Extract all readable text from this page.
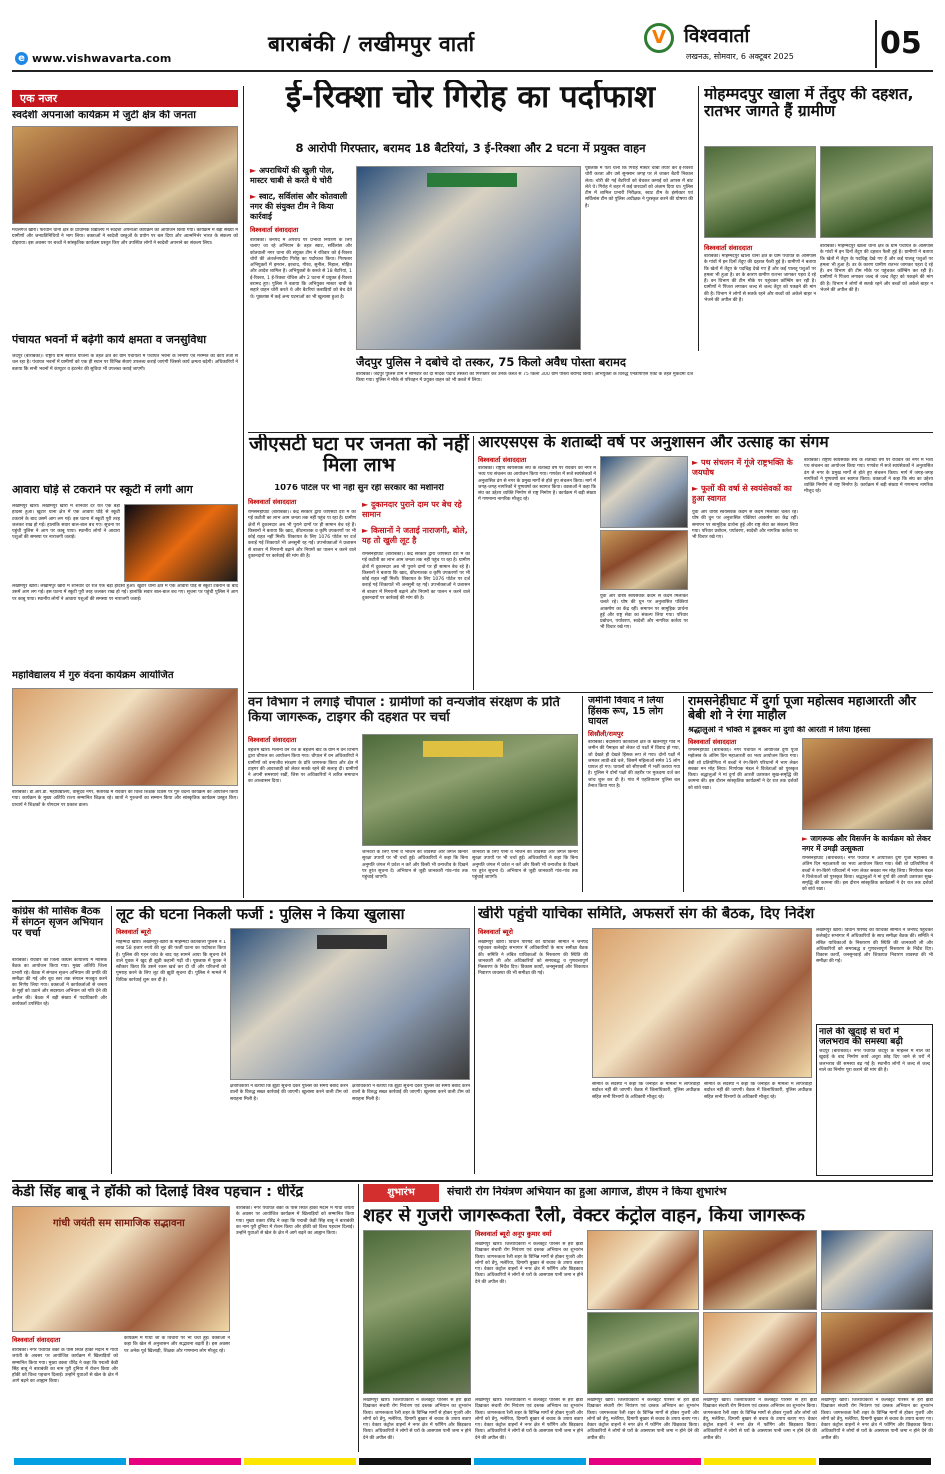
बाराबंकी / लखीमपुर वार्ता
e www.vishwavarta.com
V विश्ववार्ता
लखनऊ, सोमवार, 6 अक्टूबर 2025	05
एक नजर
स्वदेशी अपनाओ कार्यक्रम में जुटी क्षेत्र की जनता
मैथलगंज खीरी। फरधान थाना क्षेत्र के प्राथमिक विद्यालय में स्वदेशी अपनाओ कार्यक्रम का आयोजन किया गया। कार्यक्रम में बड़ी संख्या में ग्रामीणों और जनप्रतिनिधियों ने भाग लिया। वक्ताओं ने स्वदेशी वस्तुओं के प्रयोग पर बल दिया और आत्मनिर्भर भारत के संकल्प को दोहराया। इस अवसर पर बच्चों ने सांस्कृतिक कार्यक्रम प्रस्तुत किए और उपस्थित लोगों ने स्वदेशी अपनाने का संकल्प लिया।
पंचायत भवनों में बढ़ेगी कार्य क्षमता व जनसुविधा
जैदपुर (बाराबंकी)। राष्ट्रीय ग्राम स्वराज योजना के तहत क्षेत्र की ग्राम पंचायतों में पंचायत भवनों के निर्माण एवं मरम्मत का कार्य तेजी से चल रहा है। पंचायत भवनों में ग्रामीणों को एक ही स्थान पर विभिन्न सेवाएं उपलब्ध कराई जाएंगी जिससे कार्य क्षमता बढ़ेगी। अधिकारियों ने बताया कि सभी भवनों में कंप्यूटर व इंटरनेट की सुविधा भी उपलब्ध कराई जाएगी।
आवारा घोड़े से टकराने पर स्कूटी में लगी आग
लखीमपुर खीरी। लखीमपुर खीरी में शनिवार देर रात एक बड़ा हादसा हुआ। खुटार थाना क्षेत्र में एक आवारा घोड़े से स्कूटी टकराने के बाद उसमें आग लग गई। इस घटना में स्कूटी पूरी तरह जलकर राख हो गई। हालांकि सवार बाल-बाल बच गए। सूचना पर पहुंची पुलिस ने आग पर काबू पाया। स्थानीय लोगों ने आवारा पशुओं की समस्या पर नाराजगी जताई।
लखीमपुर खीरी। लखीमपुर खीरी में शनिवार देर रात एक बड़ा हादसा हुआ। खुटार थाना क्षेत्र में एक आवारा घोड़े से स्कूटी टकराने के बाद उसमें आग लग गई। इस घटना में स्कूटी पूरी तरह जलकर राख हो गई। हालांकि सवार बाल-बाल बच गए। सूचना पर पहुंची पुलिस ने आग पर काबू पाया। स्थानीय लोगों ने आवारा पशुओं की समस्या पर नाराजगी जताई।
महाविद्यालय में गुरु वंदना कार्यक्रम आयोजित
बाराबंकी। डी.आर.डी. महाविद्यालय, वासुदेव नगर, सतरिख में रविवार को विश्व शिक्षक दिवस पर गुरु वंदना कार्यक्रम का आयोजन किया गया। कार्यक्रम के मुख्य अतिथि राज्य सम्मानित शिक्षक रहे। छात्रों ने गुरुजनों का सम्मान किया और सांस्कृतिक कार्यक्रम प्रस्तुत किए। प्राचार्य ने शिक्षकों के योगदान पर प्रकाश डाला।
ई-रिक्शा चोर गिरोह का पर्दाफाश
8 आरोपी गिरफ्तार, बरामद 18 बैटरियां, 3 ई-रिक्शा और 2 घटना में प्रयुक्त वाहन
► अपराधियों की खुली पोल, मास्टर चाबी से करते थे चोरी
► स्वाट, सर्विलांस और कोतवाली नगर की संयुक्त टीम ने किया कार्रवाई
विश्ववार्ता संवाददाता
बाराबंकी। जनपद में अपराध पर प्रभावी नियंत्रण के लिए चलाए जा रहे अभियान के तहत स्वाट, सर्विलांस और कोतवाली नगर थाना की संयुक्त टीम ने रविवार को ई-रिक्शा चोरों की अंतर्जनपदीय गिरोह का पर्दाफाश किया। गिरफ्तार अभियुक्तों में इमरान, इरशाद, गौरव, सुनील, निहाल, मोहित और आदेश शामिल हैं। अभियुक्तों के कब्जे से 18 बैटरियां, 1 ई-रिक्शा, 1 ई-रिक्शा चेचिस और 2 घटना में प्रयुक्त ई-रिक्शा बरामद हुए। पुलिस ने बताया कि अभियुक्त मास्टर चाबी के सहारे वाहन चोरी करते थे और बैटरियां कबाड़ियों को बेच देते थे। पूछताछ में कई अन्य घटनाओं का भी खुलासा हुआ है।
पूछताछ में पता चला कि गिरोह मास्टर चाबी तैयार कर ई-रिक्शा चोरी करता और उसे सुनसान जगह पर ले जाकर बैटरी निकाल लेता। चोरी की गई बैटरियों को बेचकर कमाई को आपस में बांट लेते थे। गिरोह ने शहर में कई वारदातों को अंजाम दिया था। पुलिस टीम में शामिल प्रभारी निरीक्षक, स्वाट टीम के इंस्पेक्टर एवं सर्विलांस टीम को पुलिस अधीक्षक ने पुरस्कृत करने की घोषणा की है।
जैदपुर पुलिस ने दबोचे दो तस्कर, 75 किलो अवैध पोस्ता बरामद
बाराबंकी। जैदपुर पुलिस टीम ने सोमवार को दो मादक पदार्थ तस्करों को गिरफ्तार कर उनके कब्जे से 75 किलो 300 ग्राम पोस्ता बरामद किया। अभियुक्तों के विरुद्ध एनडीपीएस एक्ट के तहत मुकदमा दर्ज किया गया। पुलिस ने मौके से परिवहन में प्रयुक्त वाहन को भी कब्जे में लिया।
मोहम्मदपुर खाला में तेंदुए की दहशत, रातभर जागते हैं ग्रामीण
विश्ववार्ता संवाददाता
बाराबंकी। मोहम्मदपुर खाला थाना क्षेत्र के ग्राम पंचायत के आसपास के गांवों में इन दिनों तेंदुए की दहशत फैली हुई है। ग्रामीणों ने बताया कि खेतों में तेंदुए के पदचिह्न देखे गए हैं और कई पालतू पशुओं पर हमला भी हुआ है। डर के कारण ग्रामीण रातभर जागकर पहरा दे रहे हैं। वन विभाग की टीम मौके पर पहुंचकर कॉम्बिंग कर रही है। ग्रामीणों ने पिंजरा लगाकर जल्द से जल्द तेंदुए को पकड़ने की मांग की है। विभाग ने लोगों से सतर्क रहने और बच्चों को अकेले बाहर न भेजने की अपील की है।
बाराबंकी। मोहम्मदपुर खाला थाना क्षेत्र के ग्राम पंचायत के आसपास के गांवों में इन दिनों तेंदुए की दहशत फैली हुई है। ग्रामीणों ने बताया कि खेतों में तेंदुए के पदचिह्न देखे गए हैं और कई पालतू पशुओं पर हमला भी हुआ है। डर के कारण ग्रामीण रातभर जागकर पहरा दे रहे हैं। वन विभाग की टीम मौके पर पहुंचकर कॉम्बिंग कर रही है। ग्रामीणों ने पिंजरा लगाकर जल्द से जल्द तेंदुए को पकड़ने की मांग की है। विभाग ने लोगों से सतर्क रहने और बच्चों को अकेले बाहर न भेजने की अपील की है।
जीएसटी घटा पर जनता को नहीं मिला लाभ
1076 पोर्टल पर भी नहीं सुन रही सरकार की मशीनरी
विश्ववार्ता संवाददाता
रामसनेहीघाट (बाराबंकी)। केंद्र सरकार द्वारा जीएसटी दरों में की गई कटौती का लाभ आम जनता तक नहीं पहुंच पा रहा है। ग्रामीण क्षेत्रों में दुकानदार अब भी पुराने दामों पर ही सामान बेच रहे हैं। किसानों ने बताया कि खाद, कीटनाशक व कृषि उपकरणों पर भी कोई राहत नहीं मिली। शिकायत के लिए 1076 पोर्टल पर दर्ज कराई गई शिकायतें भी अनसुनी रह गईं। उपभोक्ताओं ने प्रशासन से बाजार में निगरानी बढ़ाने और नियमों का पालन न करने वाले दुकानदारों पर कार्रवाई की मांग की है।
► दुकानदार पुराने दाम पर बेच रहे सामान
► किसानों ने जताई नाराजगी, बोले, यह तो खुली लूट है
रामसनेहीघाट (बाराबंकी)। केंद्र सरकार द्वारा जीएसटी दरों में की गई कटौती का लाभ आम जनता तक नहीं पहुंच पा रहा है। ग्रामीण क्षेत्रों में दुकानदार अब भी पुराने दामों पर ही सामान बेच रहे हैं। किसानों ने बताया कि खाद, कीटनाशक व कृषि उपकरणों पर भी कोई राहत नहीं मिली। शिकायत के लिए 1076 पोर्टल पर दर्ज कराई गई शिकायतें भी अनसुनी रह गईं। उपभोक्ताओं ने प्रशासन से बाजार में निगरानी बढ़ाने और नियमों का पालन न करने वाले दुकानदारों पर कार्रवाई की मांग की है।
आरएसएस के शताब्दी वर्ष पर अनुशासन और उत्साह का संगम
विश्ववार्ता संवाददाता
बाराबंकी। राष्ट्रीय स्वयंसेवक संघ के शताब्दी वर्ष पर रविवार को नगर में भव्य पथ संचलन का आयोजन किया गया। गणवेश में सजे स्वयंसेवकों ने अनुशासित ढंग से नगर के प्रमुख मार्गों से होते हुए संचलन किया। मार्ग में जगह-जगह नागरिकों ने पुष्पवर्षा कर स्वागत किया। वक्ताओं ने कहा कि संघ का उद्देश्य व्यक्ति निर्माण से राष्ट्र निर्माण है। कार्यक्रम में बड़ी संख्या में गणमान्य नागरिक मौजूद रहे।
► पथ संचलन में गूंजे राष्ट्रभक्ति के जयघोष
► फूलों की वर्षा से स्वयंसेवकों का हुआ स्वागत
युवा और वरिष्ठ स्वयंसेवक कदम से कदम मिलाकर चलते रहे। घोष की धुन पर अनुशासित पंक्तियां आकर्षण का केंद्र रहीं। समापन पर सामूहिक प्रार्थना हुई और राष्ट्र सेवा का संकल्प लिया गया। परिवार प्रबोधन, पर्यावरण, स्वदेशी और नागरिक कर्तव्य पर भी विचार रखे गए।
युवा और वरिष्ठ स्वयंसेवक कदम से कदम मिलाकर चलते रहे। घोष की धुन पर अनुशासित पंक्तियां आकर्षण का केंद्र रहीं। समापन पर सामूहिक प्रार्थना हुई और राष्ट्र सेवा का संकल्प लिया गया। परिवार प्रबोधन, पर्यावरण, स्वदेशी और नागरिक कर्तव्य पर भी विचार रखे गए।
बाराबंकी। राष्ट्रीय स्वयंसेवक संघ के शताब्दी वर्ष पर रविवार को नगर में भव्य पथ संचलन का आयोजन किया गया। गणवेश में सजे स्वयंसेवकों ने अनुशासित ढंग से नगर के प्रमुख मार्गों से होते हुए संचलन किया। मार्ग में जगह-जगह नागरिकों ने पुष्पवर्षा कर स्वागत किया। वक्ताओं ने कहा कि संघ का उद्देश्य व्यक्ति निर्माण से राष्ट्र निर्माण है। कार्यक्रम में बड़ी संख्या में गणमान्य नागरिक मौजूद रहे।
वन विभाग ने लगाई चौपाल : ग्रामीणों को वन्यजीव संरक्षण के प्रति किया जागरूक, टाइगर की दहशत पर चर्चा
विश्ववार्ता संवाददाता
बेहजम खीरी। मैलानी वन रेंज के बेहजम बीट के ग्राम में वन विभाग द्वारा चौपाल का आयोजन किया गया। चौपाल में वन अधिकारियों ने ग्रामीणों को वन्यजीव संरक्षण के प्रति जागरूक किया और क्षेत्र में टाइगर की आवाजाही को लेकर सतर्क रहने की सलाह दी। ग्रामीणों ने अपनी समस्याएं रखीं, जिस पर अधिकारियों ने त्वरित समाधान का आश्वासन दिया।
जानवरों के लिए पानी व भोजन की व्यवस्था और जंगल किनारे सुरक्षा उपायों पर भी चर्चा हुई। अधिकारियों ने कहा कि बिना अनुमति जंगल में प्रवेश न करें और किसी भी वन्यजीव के दिखने पर तुरंत सूचना दें। अभियान से जुड़ी जानकारी गांव-गांव तक पहुंचाई जाएगी।
जानवरों के लिए पानी व भोजन की व्यवस्था और जंगल किनारे सुरक्षा उपायों पर भी चर्चा हुई। अधिकारियों ने कहा कि बिना अनुमति जंगल में प्रवेश न करें और किसी भी वन्यजीव के दिखने पर तुरंत सूचना दें। अभियान से जुड़ी जानकारी गांव-गांव तक पहुंचाई जाएगी।
जमीनी विवाद ने लिया हिंसक रूप, 15 लोग घायल
सिसौली/रामपुर
बाराबंकी। बदोसराय कोतवाली क्षेत्र के खतनापुर गांव में जमीन की पैमाइश को लेकर दो पक्षों में विवाद हो गया, जो देखते ही देखते हिंसक रूप ले गया। दोनों पक्षों में जमकर लाठी-डंडे चले, जिसमें महिलाओं समेत 15 लोग घायल हो गए। घायलों को सीएचसी में भर्ती कराया गया है। पुलिस ने दोनों पक्षों की तहरीर पर मुकदमा दर्ज कर जांच शुरू कर दी है। गांव में एहतियातन पुलिस बल तैनात किया गया है।
रामसनेहीघाट में दुर्गा पूजा महोत्सव महाआरती और बेबी शो ने रंगा माहौल
श्रद्धालुओं ने भक्ति में डूबकर मां दुर्गा की आरती में लिया हिस्सा
विश्ववार्ता संवाददाता
रामसनेहीघाट (बाराबंकी)। नगर पंचायत में आयोजित दुर्गा पूजा महोत्सव के अंतिम दिन महाआरती का भव्य आयोजन किया गया। बेबी शो प्रतियोगिता में बच्चों ने रंग-बिरंगे परिधानों में भाग लेकर सबका मन मोह लिया। निर्णायक मंडल ने विजेताओं को पुरस्कृत किया। श्रद्धालुओं ने मां दुर्गा की आरती उतारकर सुख-समृद्धि की कामना की। इस दौरान सांस्कृतिक कार्यक्रमों ने देर रात तक दर्शकों को बांधे रखा।
► जागरूक और विसर्जन के कार्यक्रम को लेकर नगर में उमड़ी उत्सुकता
रामसनेहीघाट (बाराबंकी)। नगर पंचायत में आयोजित दुर्गा पूजा महोत्सव के अंतिम दिन महाआरती का भव्य आयोजन किया गया। बेबी शो प्रतियोगिता में बच्चों ने रंग-बिरंगे परिधानों में भाग लेकर सबका मन मोह लिया। निर्णायक मंडल ने विजेताओं को पुरस्कृत किया। श्रद्धालुओं ने मां दुर्गा की आरती उतारकर सुख-समृद्धि की कामना की। इस दौरान सांस्कृतिक कार्यक्रमों ने देर रात तक दर्शकों को बांधे रखा।
कांग्रेस की मासिक बैठक में संगठन सृजन अभियान पर चर्चा
बाराबंकी। रविवार को जिला कांग्रेस कार्यालय में मासिक बैठक का आयोजन किया गया। मुख्य अतिथि जिला प्रभारी रहे। बैठक में संगठन सृजन अभियान की प्रगति की समीक्षा की गई और बूथ स्तर तक संगठन मजबूत करने का निर्णय लिया गया। वक्ताओं ने कार्यकर्ताओं से जनता के मुद्दों को उठाने और सदस्यता अभियान को गति देने की अपील की। बैठक में बड़ी संख्या में पदाधिकारी और कार्यकर्ता उपस्थित रहे।
लूट की घटना निकली फर्जी : पुलिस ने किया खुलासा
विश्ववार्ता ब्यूरो
मोहम्मदी खीरी। लखीमपुर-खीरी के मोहम्मदी कोतवाली पुलिस ने 1 लाख 58 हजार रुपये की लूट की फर्जी घटना का पर्दाफाश किया है। पुलिस की गहन जांच के बाद यह सामने आया कि सूचना देने वाले युवक ने खुद ही झूठी कहानी गढ़ी थी। पूछताछ में युवक ने स्वीकार किया कि उसने रकम खर्च कर दी थी और परिजनों को गुमराह करने के लिए लूट की झूठी सूचना दी। पुलिस ने मामले में विधिक कार्रवाई शुरू कर दी है।
क्षेत्राधिकारी ने बताया कि झूठी सूचना देकर पुलिस का समय बर्बाद करने वालों के विरुद्ध सख्त कार्रवाई की जाएगी। खुलासा करने वाली टीम को सराहना मिली है।
क्षेत्राधिकारी ने बताया कि झूठी सूचना देकर पुलिस का समय बर्बाद करने वालों के विरुद्ध सख्त कार्रवाई की जाएगी। खुलासा करने वाली टीम को सराहना मिली है।
खीरी पहुंची याचिका समिति, अफसरों संग की बैठक, दिए निर्देश
विश्ववार्ता ब्यूरो
लखीमपुर खीरी। विधान परिषद की याचिका समिति ने जनपद पहुंचकर कलेक्ट्रेट सभागार में अधिकारियों के साथ समीक्षा बैठक की। समिति ने लंबित याचिकाओं के निस्तारण की स्थिति की जानकारी ली और अधिकारियों को समयबद्ध व गुणवत्तापूर्ण निस्तारण के निर्देश दिए। विकास कार्यों, जनसुनवाई और शिकायत निवारण व्यवस्था की भी समीक्षा की गई।
समिति के सदस्यों ने कहा कि जनहित के मामलों में लापरवाही बर्दाश्त नहीं की जाएगी। बैठक में जिलाधिकारी, पुलिस अधीक्षक सहित सभी विभागों के अधिकारी मौजूद रहे।
समिति के सदस्यों ने कहा कि जनहित के मामलों में लापरवाही बर्दाश्त नहीं की जाएगी। बैठक में जिलाधिकारी, पुलिस अधीक्षक सहित सभी विभागों के अधिकारी मौजूद रहे।
लखीमपुर खीरी। विधान परिषद की याचिका समिति ने जनपद पहुंचकर कलेक्ट्रेट सभागार में अधिकारियों के साथ समीक्षा बैठक की। समिति ने लंबित याचिकाओं के निस्तारण की स्थिति की जानकारी ली और अधिकारियों को समयबद्ध व गुणवत्तापूर्ण निस्तारण के निर्देश दिए। विकास कार्यों, जनसुनवाई और शिकायत निवारण व्यवस्था की भी समीक्षा की गई।
नाले की खुदाई से घरों में जलभराव की समस्या बढ़ी
जैदपुर (बाराबंकी)। नगर पंचायत जैदपुर के मोहल्ले में नाले की खुदाई के बाद निर्माण कार्य अधूरा छोड़ दिए जाने से घरों में जलभराव की समस्या बढ़ गई है। स्थानीय लोगों ने जल्द से जल्द नाले का निर्माण पूरा कराने की मांग की है।
केडी सिंह बाबू ने हॉकी को दिलाई विश्व पहचान : धीरेंद्र
गांधी जयंती सम सामाजिक सद्भावना
विश्ववार्ता संवाददाता
बाराबंकी। नगर पंचायत बंकी के पास स्थित हॉकी मैदान में गांधी जयंती के अवसर पर आयोजित कार्यक्रम में खिलाड़ियों को सम्मानित किया गया। मुख्य वक्ता धीरेंद्र ने कहा कि पद्मश्री केडी सिंह बाबू ने बाराबंकी का नाम पूरी दुनिया में रोशन किया और हॉकी को विश्व पहचान दिलाई। उन्होंने युवाओं से खेल के क्षेत्र में आगे बढ़ने का आह्वान किया।
कार्यक्रम में गांधी जी के विचारों पर भी चर्चा हुई। वक्ताओं ने कहा कि खेल से अनुशासन और सद्भावना बढ़ती है। इस अवसर पर अनेक पूर्व खिलाड़ी, शिक्षक और गणमान्य लोग मौजूद रहे।
बाराबंकी। नगर पंचायत बंकी के पास स्थित हॉकी मैदान में गांधी जयंती के अवसर पर आयोजित कार्यक्रम में खिलाड़ियों को सम्मानित किया गया। मुख्य वक्ता धीरेंद्र ने कहा कि पद्मश्री केडी सिंह बाबू ने बाराबंकी का नाम पूरी दुनिया में रोशन किया और हॉकी को विश्व पहचान दिलाई। उन्होंने युवाओं से खेल के क्षेत्र में आगे बढ़ने का आह्वान किया।
शुभारंभ	संचारी रोग नियंत्रण अभियान का हुआ आगाज, डीएम ने किया शुभारंभ
शहर से गुजरी जागरूकता रैली, वेक्टर कंट्रोल वाहन, किया जागरूक
विश्ववार्ता ब्यूरो अनूप कुमार वर्मा
लखीमपुर खीरी। जिलाधिकारी ने कलेक्ट्रेट परिसर से हरी झंडी दिखाकर संचारी रोग नियंत्रण एवं दस्तक अभियान का शुभारंभ किया। जागरूकता रैली शहर के विभिन्न मार्गों से होकर गुजरी और लोगों को डेंगू, मलेरिया, दिमागी बुखार से बचाव के उपाय बताए गए। वेक्टर कंट्रोल वाहनों ने नगर क्षेत्र में फॉगिंग और छिड़काव किया। अधिकारियों ने लोगों से घरों के आसपास पानी जमा न होने देने की अपील की।
लखीमपुर खीरी। जिलाधिकारी ने कलेक्ट्रेट परिसर से हरी झंडी दिखाकर संचारी रोग नियंत्रण एवं दस्तक अभियान का शुभारंभ किया। जागरूकता रैली शहर के विभिन्न मार्गों से होकर गुजरी और लोगों को डेंगू, मलेरिया, दिमागी बुखार से बचाव के उपाय बताए गए। वेक्टर कंट्रोल वाहनों ने नगर क्षेत्र में फॉगिंग और छिड़काव किया। अधिकारियों ने लोगों से घरों के आसपास पानी जमा न होने देने की अपील की।
लखीमपुर खीरी। जिलाधिकारी ने कलेक्ट्रेट परिसर से हरी झंडी दिखाकर संचारी रोग नियंत्रण एवं दस्तक अभियान का शुभारंभ किया। जागरूकता रैली शहर के विभिन्न मार्गों से होकर गुजरी और लोगों को डेंगू, मलेरिया, दिमागी बुखार से बचाव के उपाय बताए गए। वेक्टर कंट्रोल वाहनों ने नगर क्षेत्र में फॉगिंग और छिड़काव किया। अधिकारियों ने लोगों से घरों के आसपास पानी जमा न होने देने की अपील की।
लखीमपुर खीरी। जिलाधिकारी ने कलेक्ट्रेट परिसर से हरी झंडी दिखाकर संचारी रोग नियंत्रण एवं दस्तक अभियान का शुभारंभ किया। जागरूकता रैली शहर के विभिन्न मार्गों से होकर गुजरी और लोगों को डेंगू, मलेरिया, दिमागी बुखार से बचाव के उपाय बताए गए। वेक्टर कंट्रोल वाहनों ने नगर क्षेत्र में फॉगिंग और छिड़काव किया। अधिकारियों ने लोगों से घरों के आसपास पानी जमा न होने देने की अपील की।
लखीमपुर खीरी। जिलाधिकारी ने कलेक्ट्रेट परिसर से हरी झंडी दिखाकर संचारी रोग नियंत्रण एवं दस्तक अभियान का शुभारंभ किया। जागरूकता रैली शहर के विभिन्न मार्गों से होकर गुजरी और लोगों को डेंगू, मलेरिया, दिमागी बुखार से बचाव के उपाय बताए गए। वेक्टर कंट्रोल वाहनों ने नगर क्षेत्र में फॉगिंग और छिड़काव किया। अधिकारियों ने लोगों से घरों के आसपास पानी जमा न होने देने की अपील की।
लखीमपुर खीरी। जिलाधिकारी ने कलेक्ट्रेट परिसर से हरी झंडी दिखाकर संचारी रोग नियंत्रण एवं दस्तक अभियान का शुभारंभ किया। जागरूकता रैली शहर के विभिन्न मार्गों से होकर गुजरी और लोगों को डेंगू, मलेरिया, दिमागी बुखार से बचाव के उपाय बताए गए। वेक्टर कंट्रोल वाहनों ने नगर क्षेत्र में फॉगिंग और छिड़काव किया। अधिकारियों ने लोगों से घरों के आसपास पानी जमा न होने देने की अपील की।
